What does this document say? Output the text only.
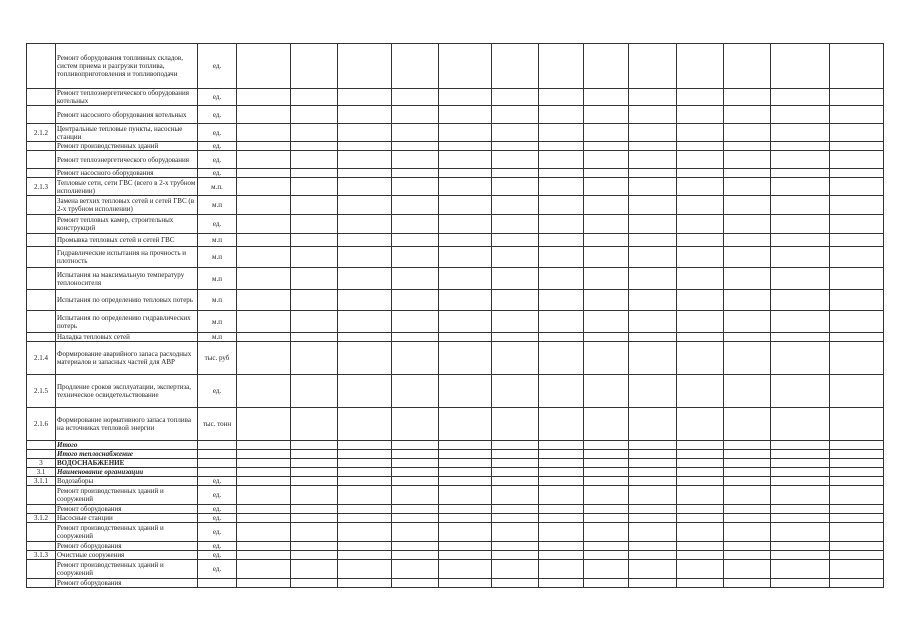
	Ремонт оборудования топливных складов, систем приема и разгрузки топлива, топливоприготовления и топливоподачи	ед.													
	Ремонт теплоэнергетического оборудования котельных	ед.													
	Ремонт насосного оборудования котельных	ед.													
2.1.2	Центральные тепловые пункты, насосные станции	ед.													
	Ремонт производственных зданий	ед.													
	Ремонт теплоэнергетического оборудования	ед.													
	Ремонт насосного оборудования	ед.													
2.1.3	Тепловые сети, сети ГВС (всего в 2-х трубном исполнении)	м.п.													
	Замена ветхих тепловых сетей и сетей ГВС (в 2-х трубном исполнении)	м.п													
	Ремонт тепловых камер, строительных конструкций	ед.													
	Промывка тепловых сетей и сетей ГВС	м.п													
	Гидравлические испытания на прочность и плотность	м.п													
	Испытания на максимальную температуру теплоносителя	м.п													
	Испытания по определению тепловых потерь	м.п													
	Испытания по определению гидравлических потерь	м.п													
	Наладка тепловых сетей	м.п													
2.1.4	Формирование аварийного запаса расходных материалов и запасных частей для АВР	тыс. руб													
2.1.5	Продление сроков эксплуатации, экспертиза, техническое освидетельствование	ед.													
2.1.6	Формирование нормативного запаса топлива на источниках тепловой энергии	тыс. тонн													
	Итого														
	Итого теплоснабжение														
3	ВОДОСНАБЖЕНИЕ														
3.1	Наименование организации														
3.1.1	Водозаборы	ед.													
	Ремонт производственных зданий и сооружений	ед.													
	Ремонт оборудования	ед.													
3.1.2	Насосные станции	ед.													
	Ремонт производственных зданий и сооружений	ед.													
	Ремонт оборудования	ед.													
3.1.3	Очистные сооружения	ед.													
	Ремонт производственных зданий и сооружений	ед.													
	Ремонт оборудования														
